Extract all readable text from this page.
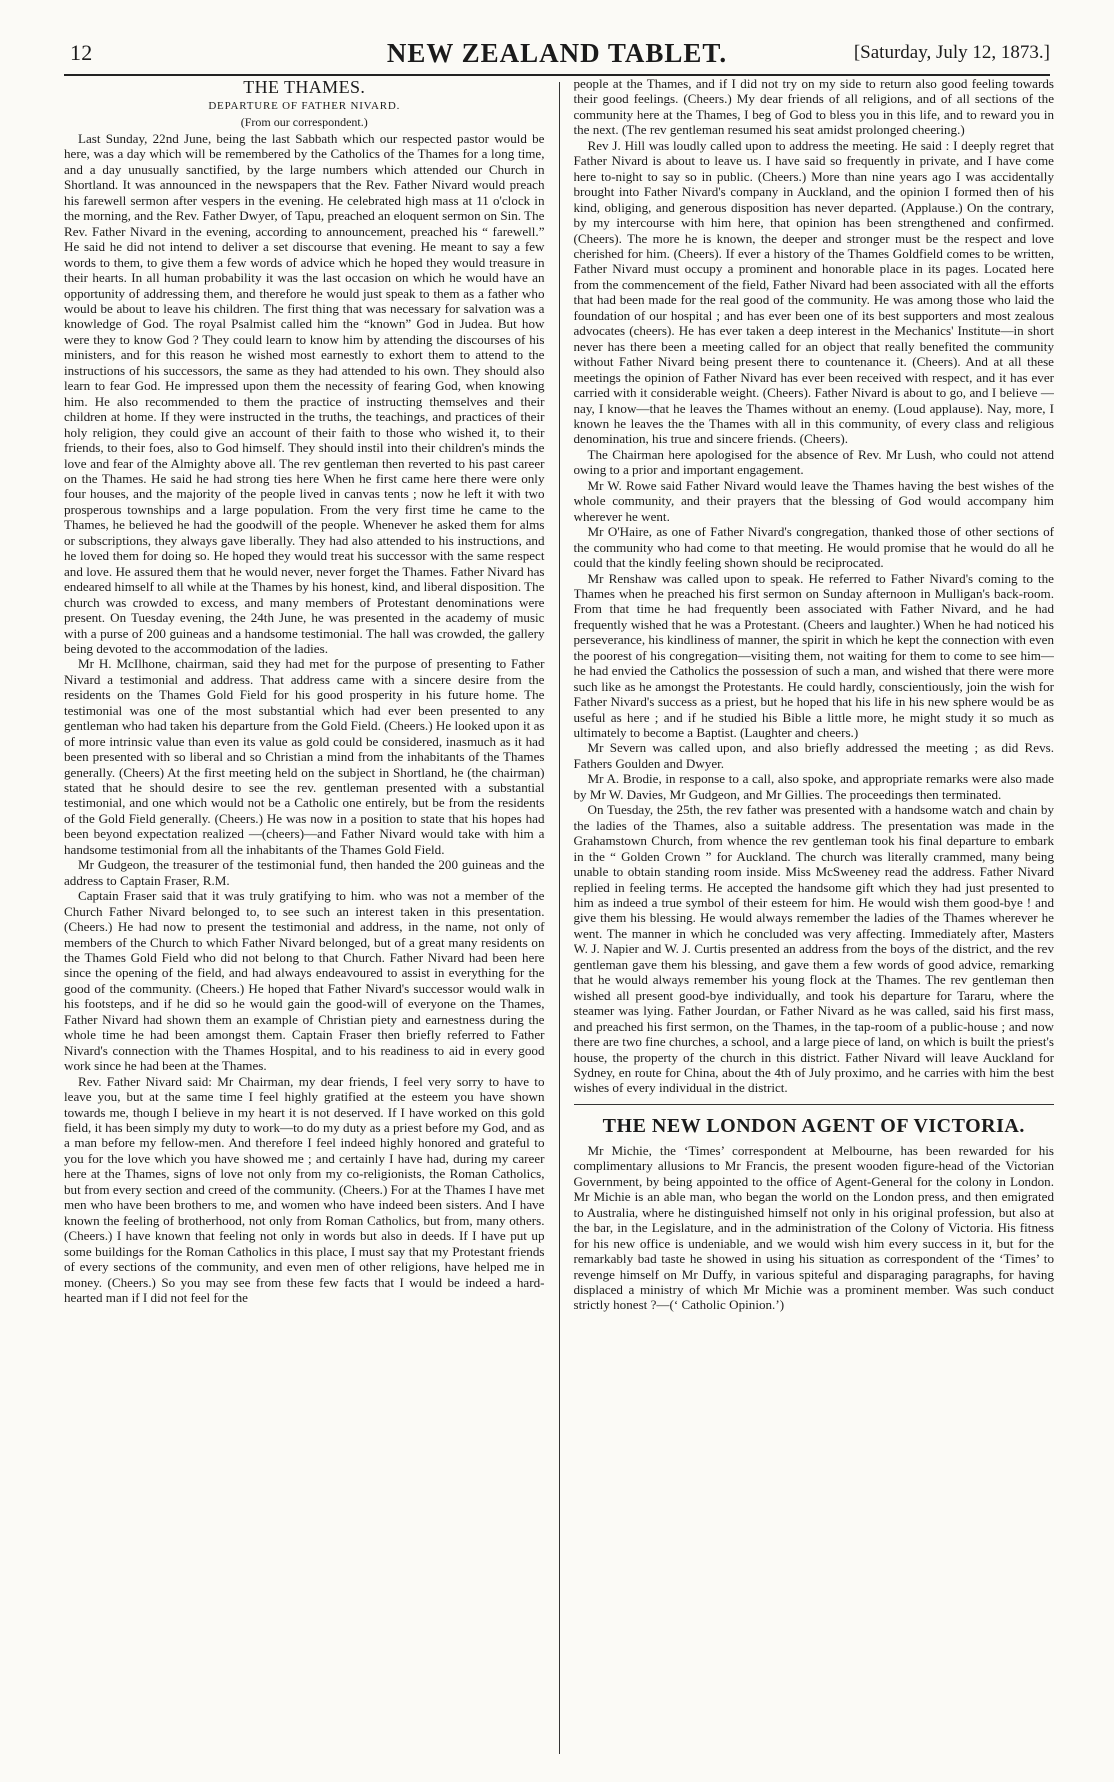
12	NEW ZEALAND TABLET.	[Saturday, July 12, 1873.]
THE THAMES.
DEPARTURE OF FATHER NIVARD.
(From our correspondent.)

Last Sunday, 22nd June, being the last Sabbath which our respected pastor would be here, was a day which will be remembered by the Catholics of the Thames for a long time, and a day unusually sanctified, by the large numbers which attended our Church in Shortland. It was announced in the newspapers that the Rev. Father Nivard would preach his farewell sermon after vespers in the evening. He celebrated high mass at 11 o'clock in the morning, and the Rev. Father Dwyer, of Tapu, preached an eloquent sermon on Sin. The Rev. Father Nivard in the evening, according to announcement, preached his “ farewell.” He said he did not intend to deliver a set discourse that evening. He meant to say a few words to them, to give them a few words of advice which he hoped they would treasure in their hearts. In all human probability it was the last occasion on which he would have an opportunity of addressing them, and therefore he would just speak to them as a father who would be about to leave his children. The first thing that was necessary for salvation was a knowledge of God. The royal Psalmist called him the “known” God in Judea. But how were they to know God ? They could learn to know him by attending the discourses of his ministers, and for this reason he wished most earnestly to exhort them to attend to the instructions of his successors, the same as they had attended to his own. They should also learn to fear God. He impressed upon them the necessity of fearing God, when knowing him. He also recommended to them the practice of instructing themselves and their children at home. If they were instructed in the truths, the teachings, and practices of their holy religion, they could give an account of their faith to those who wished it, to their friends, to their foes, also to God himself. They should instil into their children's minds the love and fear of the Almighty above all. The rev gentleman then reverted to his past career on the Thames. He said he had strong ties here When he first came here there were only four houses, and the majority of the people lived in canvas tents ; now he left it with two prosperous townships and a large population. From the very first time he came to the Thames, he believed he had the goodwill of the people. Whenever he asked them for alms or subscriptions, they always gave liberally. They had also attended to his instructions, and he loved them for doing so. He hoped they would treat his successor with the same respect and love. He assured them that he would never, never forget the Thames. Father Nivard has endeared himself to all while at the Thames by his honest, kind, and liberal disposition. The church was crowded to excess, and many members of Protestant denominations were present. On Tuesday evening, the 24th June, he was presented in the academy of music with a purse of 200 guineas and a handsome testimonial. The hall was crowded, the gallery being devoted to the accommodation of the ladies.

Mr H. McIlhone, chairman, said they had met for the purpose of presenting to Father Nivard a testimonial and address. That address came with a sincere desire from the residents on the Thames Gold Field for his good prosperity in his future home. The testimonial was one of the most substantial which had ever been presented to any gentleman who had taken his departure from the Gold Field. (Cheers.) He looked upon it as of more intrinsic value than even its value as gold could be considered, inasmuch as it had been presented with so liberal and so Christian a mind from the inhabitants of the Thames generally. (Cheers) At the first meeting held on the subject in Shortland, he (the chairman) stated that he should desire to see the rev. gentleman presented with a substantial testimonial, and one which would not be a Catholic one entirely, but be from the residents of the Gold Field generally. (Cheers.) He was now in a position to state that his hopes had been beyond expectation realized —(cheers)—and Father Nivard would take with him a handsome testimonial from all the inhabitants of the Thames Gold Field.

Mr Gudgeon, the treasurer of the testimonial fund, then handed the 200 guineas and the address to Captain Fraser, R.M.

Captain Fraser said that it was truly gratifying to him. who was not a member of the Church Father Nivard belonged to, to see such an interest taken in this presentation. (Cheers.) He had now to present the testimonial and address, in the name, not only of members of the Church to which Father Nivard belonged, but of a great many residents on the Thames Gold Field who did not belong to that Church. Father Nivard had been here since the opening of the field, and had always endeavoured to assist in everything for the good of the community. (Cheers.) He hoped that Father Nivard's successor would walk in his footsteps, and if he did so he would gain the good-will of everyone on the Thames, Father Nivard had shown them an example of Christian piety and earnestness during the whole time he had been amongst them. Captain Fraser then briefly referred to Father Nivard's connection with the Thames Hospital, and to his readiness to aid in every good work since he had been at the Thames.

Rev. Father Nivard said: Mr Chairman, my dear friends, I feel very sorry to have to leave you, but at the same time I feel highly gratified at the esteem you have shown towards me, though I believe in my heart it is not deserved. If I have worked on this gold field, it has been simply my duty to work—to do my duty as a priest before my God, and as a man before my fellow-men. And therefore I feel indeed highly honored and grateful to you for the love which you have showed me ; and certainly I have had, during my career here at the Thames, signs of love not only from my co-religionists, the Roman Catholics, but from every section and creed of the community. (Cheers.) For at the Thames I have met men who have been brothers to me, and women who have indeed been sisters. And I have known the feeling of brotherhood, not only from Roman Catholics, but from, many others. (Cheers.) I have known that feeling not only in words but also in deeds. If I have put up some buildings for the Roman Catholics in this place, I must say that my Protestant friends of every sections of the community, and even men of other religions, have helped me in money. (Cheers.) So you may see from these few facts that I would be indeed a hard-hearted man if I did not feel for the

people at the Thames, and if I did not try on my side to return also good feeling towards their good feelings. (Cheers.) My dear friends of all religions, and of all sections of the community here at the Thames, I beg of God to bless you in this life, and to reward you in the next. (The rev gentleman resumed his seat amidst prolonged cheering.)

Rev J. Hill was loudly called upon to address the meeting. He said : I deeply regret that Father Nivard is about to leave us. I have said so frequently in private, and I have come here to-night to say so in public. (Cheers.) More than nine years ago I was accidentally brought into Father Nivard's company in Auckland, and the opinion I formed then of his kind, obliging, and generous disposition has never departed. (Applause.) On the contrary, by my intercourse with him here, that opinion has been strengthened and confirmed. (Cheers). The more he is known, the deeper and stronger must be the respect and love cherished for him. (Cheers). If ever a history of the Thames Goldfield comes to be written, Father Nivard must occupy a prominent and honorable place in its pages. Located here from the commencement of the field, Father Nivard had been associated with all the efforts that had been made for the real good of the community. He was among those who laid the foundation of our hospital ; and has ever been one of its best supporters and most zealous advocates (cheers). He has ever taken a deep interest in the Mechanics' Institute—in short never has there been a meeting called for an object that really benefited the community without Father Nivard being present there to countenance it. (Cheers). And at all these meetings the opinion of Father Nivard has ever been received with respect, and it has ever carried with it considerable weight. (Cheers). Father Nivard is about to go, and I believe —nay, I know—that he leaves the Thames without an enemy. (Loud applause). Nay, more, I known he leaves the the Thames with all in this community, of every class and religious denomination, his true and sincere friends. (Cheers).

The Chairman here apologised for the absence of Rev. Mr Lush, who could not attend owing to a prior and important engagement.

Mr W. Rowe said Father Nivard would leave the Thames having the best wishes of the whole community, and their prayers that the blessing of God would accompany him wherever he went.

Mr O'Haire, as one of Father Nivard's congregation, thanked those of other sections of the community who had come to that meeting. He would promise that he would do all he could that the kindly feeling shown should be reciprocated.

Mr Renshaw was called upon to speak. He referred to Father Nivard's coming to the Thames when he preached his first sermon on Sunday afternoon in Mulligan's back-room. From that time he had frequently been associated with Father Nivard, and he had frequently wished that he was a Protestant. (Cheers and laughter.) When he had noticed his perseverance, his kindliness of manner, the spirit in which he kept the connection with even the poorest of his congregation—visiting them, not waiting for them to come to see him—he had envied the Catholics the possession of such a man, and wished that there were more such like as he amongst the Protestants. He could hardly, conscientiously, join the wish for Father Nivard's success as a priest, but he hoped that his life in his new sphere would be as useful as here ; and if he studied his Bible a little more, he might study it so much as ultimately to become a Baptist. (Laughter and cheers.)

Mr Severn was called upon, and also briefly addressed the meeting ; as did Revs. Fathers Goulden and Dwyer.

Mr A. Brodie, in response to a call, also spoke, and appropriate remarks were also made by Mr W. Davies, Mr Gudgeon, and Mr Gillies. The proceedings then terminated.

On Tuesday, the 25th, the rev father was presented with a handsome watch and chain by the ladies of the Thames, also a suitable address. The presentation was made in the Grahamstown Church, from whence the rev gentleman took his final departure to embark in the “ Golden Crown ” for Auckland. The church was literally crammed, many being unable to obtain standing room inside. Miss McSweeney read the address. Father Nivard replied in feeling terms. He accepted the handsome gift which they had just presented to him as indeed a true symbol of their esteem for him. He would wish them good-bye ! and give them his blessing. He would always remember the ladies of the Thames wherever he went. The manner in which he concluded was very affecting. Immediately after, Masters W. J. Napier and W. J. Curtis presented an address from the boys of the district, and the rev gentleman gave them his blessing, and gave them a few words of good advice, remarking that he would always remember his young flock at the Thames. The rev gentleman then wished all present good-bye individually, and took his departure for Tararu, where the steamer was lying. Father Jourdan, or Father Nivard as he was called, said his first mass, and preached his first sermon, on the Thames, in the tap-room of a public-house ; and now there are two fine churches, a school, and a large piece of land, on which is built the priest's house, the property of the church in this district. Father Nivard will leave Auckland for Sydney, en route for China, about the 4th of July proximo, and he carries with him the best wishes of every individual in the district.

THE NEW LONDON AGENT OF VICTORIA.

Mr Michie, the ‘Times’ correspondent at Melbourne, has been rewarded for his complimentary allusions to Mr Francis, the present wooden figure-head of the Victorian Government, by being appointed to the office of Agent-General for the colony in London. Mr Michie is an able man, who began the world on the London press, and then emigrated to Australia, where he distinguished himself not only in his original profession, but also at the bar, in the Legislature, and in the administration of the Colony of Victoria. His fitness for his new office is undeniable, and we would wish him every success in it, but for the remarkably bad taste he showed in using his situation as correspondent of the ‘Times’ to revenge himself on Mr Duffy, in various spiteful and disparaging paragraphs, for having displaced a ministry of which Mr Michie was a prominent member. Was such conduct strictly honest ?—(‘ Catholic Opinion.’)
